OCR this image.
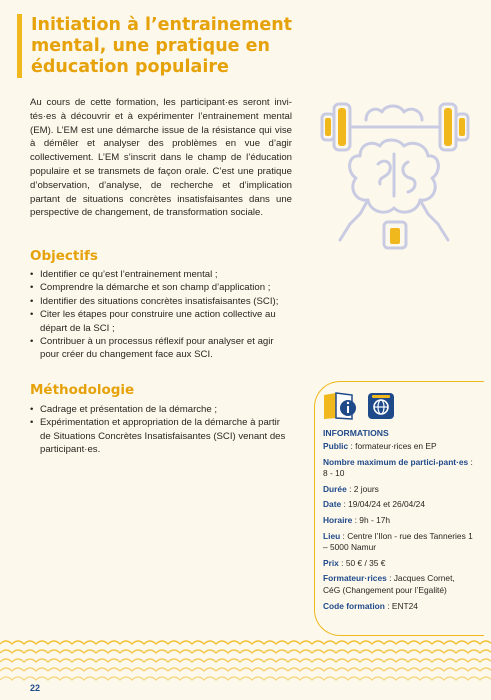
Initiation à l’entrainement
mental, une pratique en
éducation populaire

Au cours de cette formation, les participant·es seront invi-tés·es à découvrir et à expérimenter l’entrainement mental (EM). L’EM est une démarche issue de la résistance qui vise à démêler et analyser des problèmes en vue d’agir collectivement. L’EM s’inscrit dans le champ de l’éducation populaire et se transmets de façon orale. C’est une pratique d’observation, d’analyse, de recherche et d’implication partant de situations concrètes insatisfaisantes dans une perspective de changement, de transformation sociale.

Objectifs
• Identifier ce qu’est l’entrainement mental ;
• Comprendre la démarche et son champ d’application ;
• Identifier des situations concrètes insatisfaisantes (SCI);
• Citer les étapes pour construire une action collective au départ de la SCI ;
• Contribuer à un processus réflexif pour analyser et agir pour créer du changement face aux SCI.
Méthodologie
• Cadrage et présentation de la démarche ;
• Expérimentation et appropriation de la démarche à partir de Situations Concrètes Insatisfaisantes (SCI) venant des participant·es.

INFORMATIONS

Public : formateur·rices en EP
Nombre maximum de partici-pant·es : 8 - 10
Durée : 2 jours
Date : 19/04/24 et 26/04/24
Horaire : 9h - 17h
Lieu : Centre l’Ilon - rue des Tanneries 1 – 5000 Namur
Prix : 50 € / 35 €
Formateur·rices : Jacques Cornet, CéG (Changement pour l’Egalité)
Code formation : ENT24

22
